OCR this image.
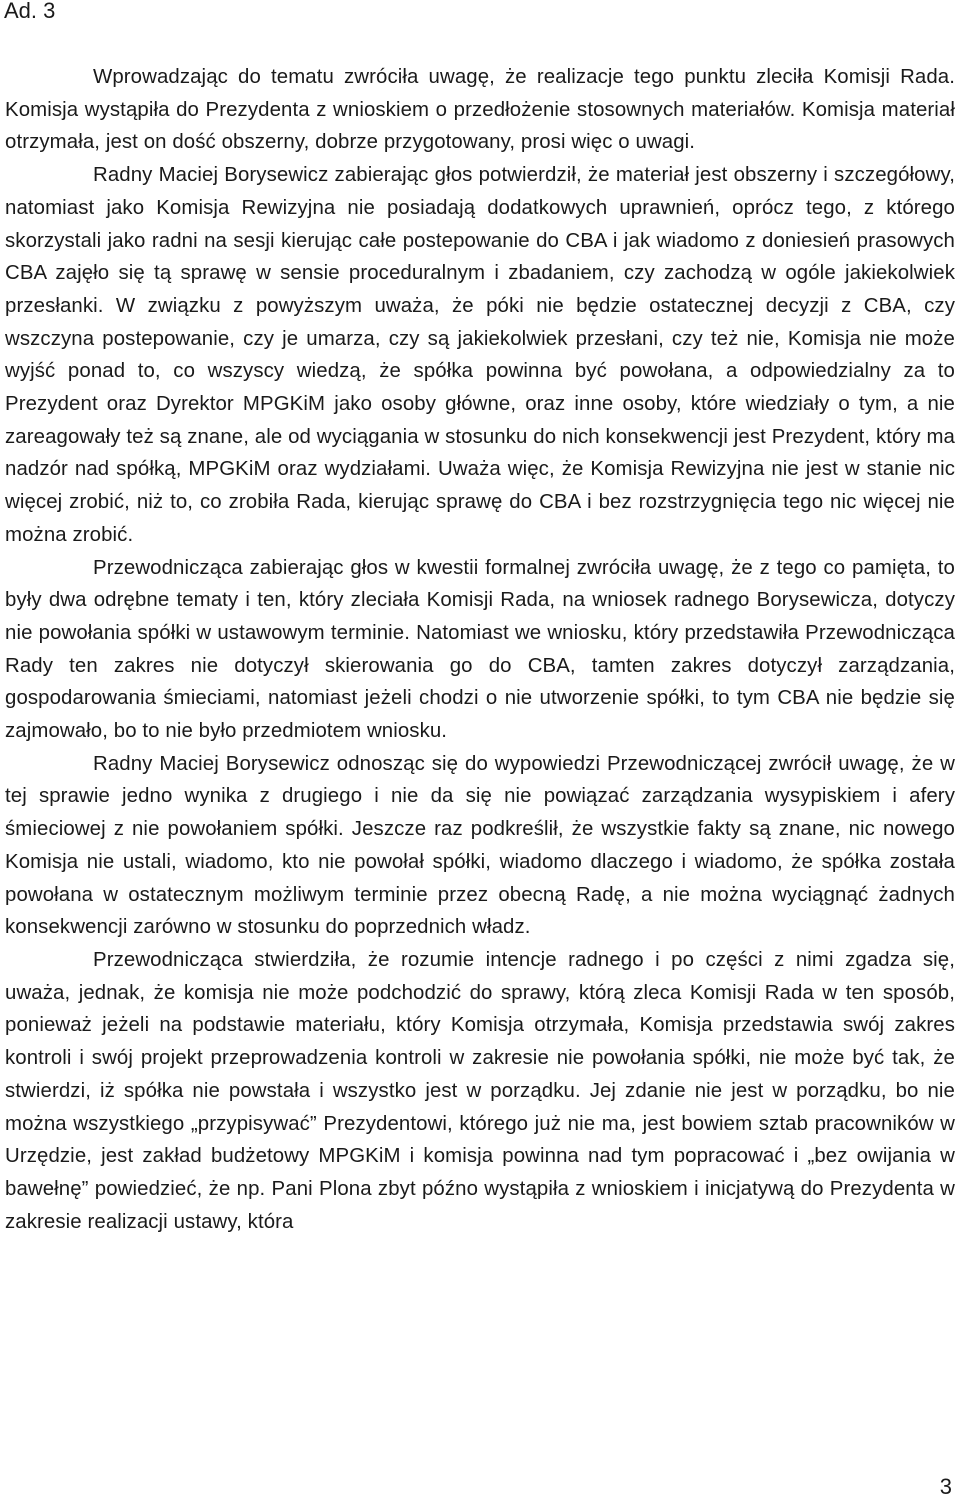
Ad. 3

Wprowadzając do tematu zwróciła uwagę, że realizacje tego punktu zleciła Komisji Rada. Komisja wystąpiła do Prezydenta z wnioskiem o przedłożenie stosownych materiałów. Komisja materiał otrzymała, jest on dość obszerny, dobrze przygotowany, prosi więc o uwagi.

Radny Maciej Borysewicz zabierając głos potwierdził, że materiał jest obszerny i szczegółowy, natomiast jako Komisja Rewizyjna nie posiadają dodatkowych uprawnień, oprócz tego, z którego skorzystali jako radni na sesji kierując całe postepowanie do CBA i jak wiadomo z doniesień prasowych CBA zajęło się tą sprawę w sensie proceduralnym i zbadaniem, czy zachodzą w ogóle jakiekolwiek przesłanki. W związku z powyższym uważa, że póki nie będzie ostatecznej decyzji z CBA, czy wszczyna postepowanie, czy je umarza, czy są jakiekolwiek przesłani, czy też nie, Komisja nie może wyjść ponad to, co wszyscy wiedzą, że spółka powinna być powołana, a odpowiedzialny za to Prezydent oraz Dyrektor MPGKiM jako osoby główne, oraz inne osoby, które wiedziały o tym, a nie zareagowały też są znane, ale od wyciągania w stosunku do nich konsekwencji jest Prezydent, który ma nadzór nad spółką, MPGKiM oraz wydziałami. Uważa więc, że Komisja Rewizyjna nie jest w stanie nic więcej zrobić, niż to, co zrobiła Rada, kierując sprawę do CBA i bez rozstrzygnięcia tego nic więcej nie można zrobić.

Przewodnicząca zabierając głos w kwestii formalnej zwróciła uwagę, że z tego co pamięta, to były dwa odrębne tematy i ten, który zleciała Komisji Rada, na wniosek radnego Borysewicza, dotyczy nie powołania spółki w ustawowym terminie. Natomiast we wniosku, który przedstawiła Przewodnicząca Rady ten zakres nie dotyczył skierowania go do CBA, tamten zakres dotyczył zarządzania, gospodarowania śmieciami, natomiast jeżeli chodzi o nie utworzenie spółki, to tym CBA nie będzie się zajmowało, bo to nie było przedmiotem wniosku.

Radny Maciej Borysewicz odnosząc się do wypowiedzi Przewodniczącej zwrócił uwagę, że w tej sprawie jedno wynika z drugiego i nie da się nie powiązać zarządzania wysypiskiem i afery śmieciowej z nie powołaniem spółki. Jeszcze raz podkreślił, że wszystkie fakty są znane, nic nowego Komisja nie ustali, wiadomo, kto nie powołał spółki, wiadomo dlaczego i wiadomo, że spółka została powołana w ostatecznym możliwym terminie przez obecną Radę, a nie można wyciągnąć żadnych konsekwencji zarówno w stosunku do poprzednich władz.

Przewodnicząca stwierdziła, że rozumie intencje radnego i po części z nimi zgadza się, uważa, jednak, że komisja nie może podchodzić do sprawy, którą zleca Komisji Rada w ten sposób, ponieważ jeżeli na podstawie materiału, który Komisja otrzymała, Komisja przedstawia swój zakres kontroli i swój projekt przeprowadzenia kontroli w zakresie nie powołania spółki, nie może być tak, że stwierdzi, iż spółka nie powstała i wszystko jest w porządku. Jej zdanie nie jest w porządku, bo nie można wszystkiego „przypisywać” Prezydentowi, którego już nie ma, jest bowiem sztab pracowników w Urzędzie, jest zakład budżetowy MPGKiM i komisja powinna nad tym popracować i „bez owijania w bawełnę” powiedzieć, że np. Pani Plona zbyt późno wystąpiła z wnioskiem i inicjatywą do Prezydenta w zakresie realizacji ustawy, która

3
